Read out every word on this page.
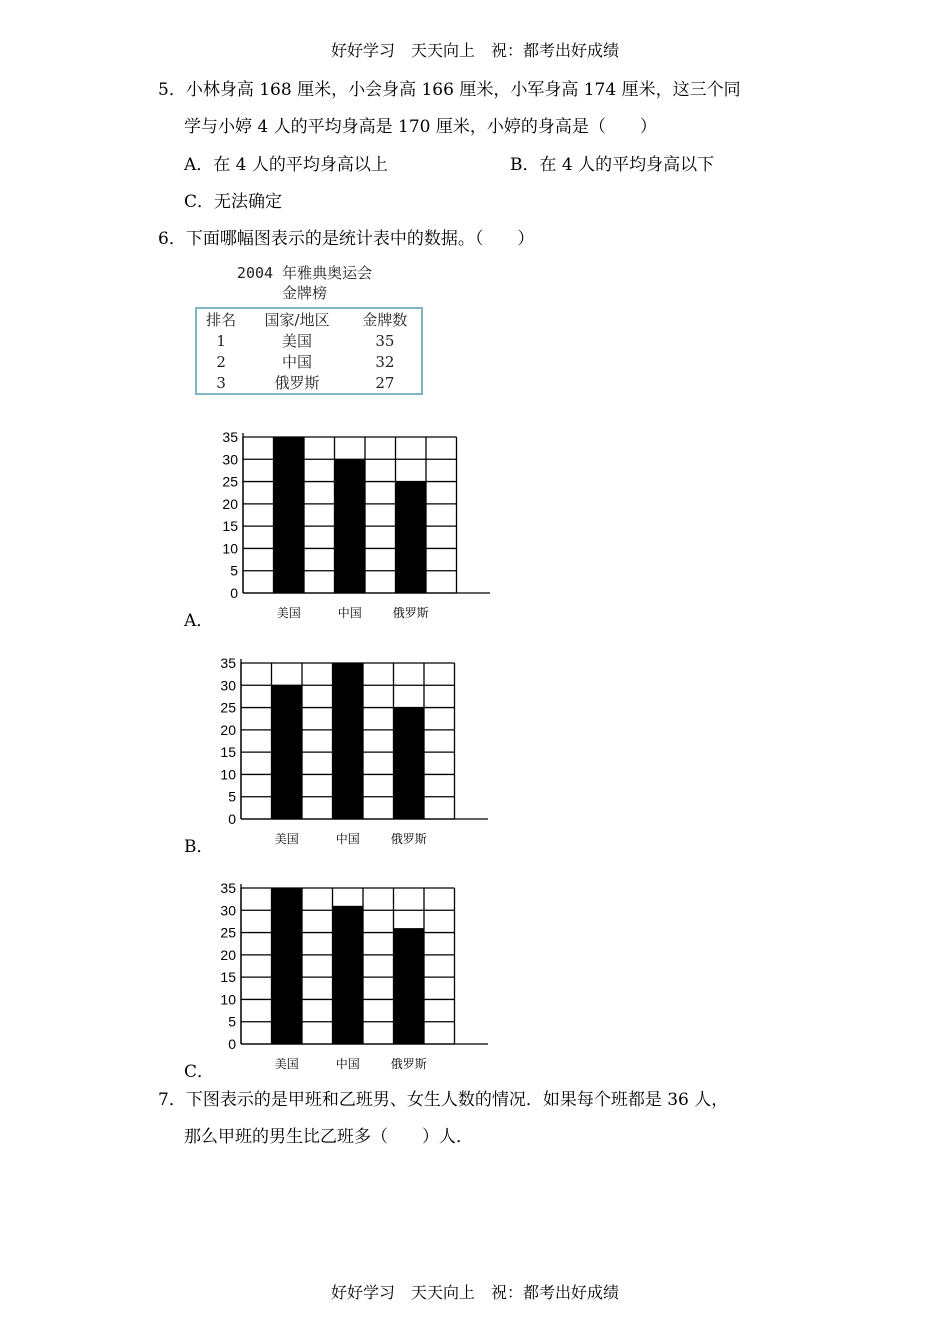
好好学习　天天向上　祝：都考出好成绩
5．小林身高 168 厘米，小会身高 166 厘米，小军身高 174 厘米，这三个同
学与小婷 4 人的平均身高是 170 厘米，小婷的身高是（　　）
A．在 4 人的平均身高以上	B．在 4 人的平均身高以下
C．无法确定
6．下面哪幅图表示的是统计表中的数据。（　　）
2004 年雅典奥运会
金牌榜
排名	国家/地区	金牌数
1	美国	35
2	中国	32
3	俄罗斯	27
0
5
10
15
20
25
30
35
美国	中国	俄罗斯
A．
0
5
10
15
20
25
30
35
美国	中国	俄罗斯
B．
0
5
10
15
20
25
30
35
美国	中国	俄罗斯
C．
7．下图表示的是甲班和乙班男、女生人数的情况．如果每个班都是 36 人，
那么甲班的男生比乙班多（　　）人．
好好学习　天天向上　祝：都考出好成绩
